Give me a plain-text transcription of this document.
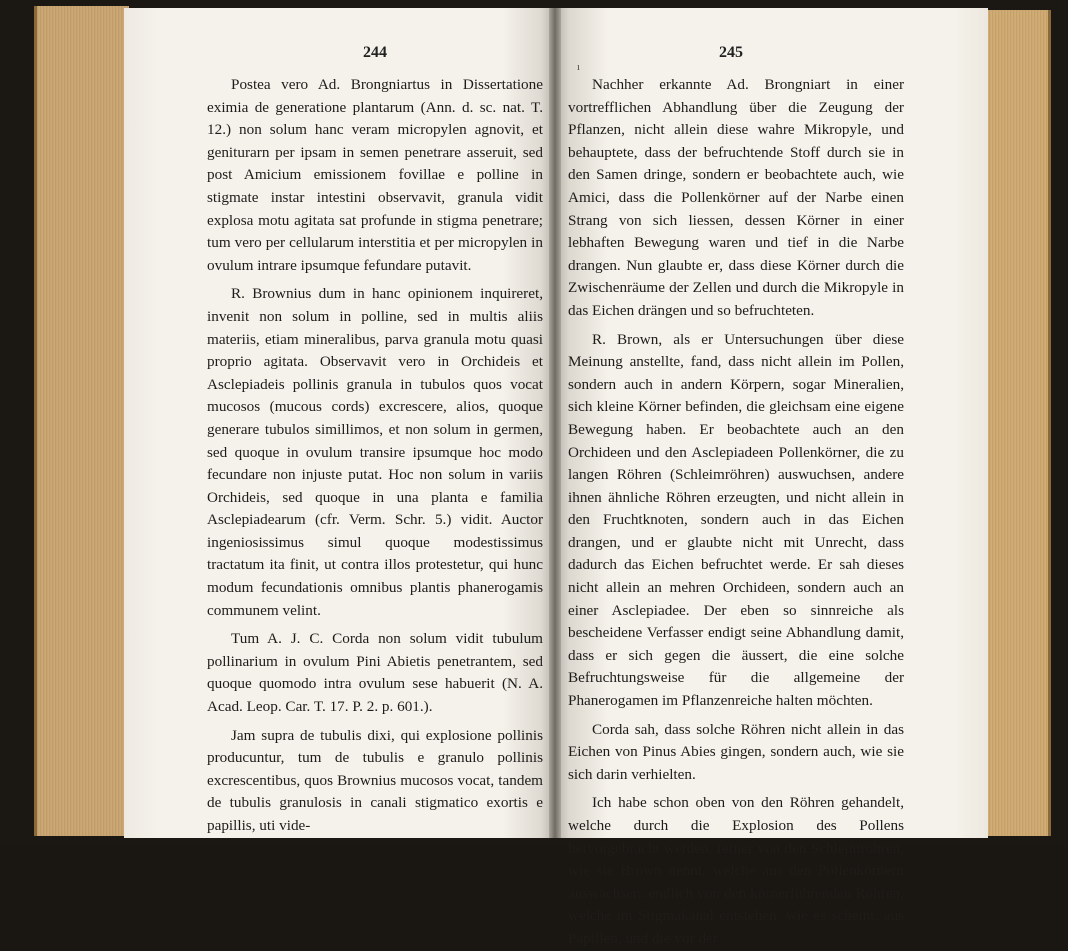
244	245
ı

Postea vero Ad. Brongniartus in Dissertatione eximia de generatione plantarum (Ann. d. sc. nat. T. 12.) non solum hanc veram micropylen agnovit, et geniturarn per ipsam in semen penetrare asseruit, sed post Amicium emissionem fovillae e polline in stigmate instar intestini observavit, granula vidit explosa motu agitata sat profunde in stigma penetrare; tum vero per cellularum interstitia et per micropylen in ovulum intrare ipsumque fefundare putavit.

R. Brownius dum in hanc opinionem inquireret, invenit non solum in polline, sed in multis aliis materiis, etiam mineralibus, parva granula motu quasi proprio agitata. Observavit vero in Orchideis et Asclepiadeis pollinis granula in tubulos quos vocat mucosos (mucous cords) excrescere, alios, quoque generare tubulos simillimos, et non solum in germen, sed quoque in ovulum transire ipsumque hoc modo fecundare non injuste putat. Hoc non solum in variis Orchideis, sed quoque in una planta e familia Asclepiadearum (cfr. Verm. Schr. 5.) vidit. Auctor ingeniosissimus simul quoque modestissimus tractatum ita finit, ut contra illos protestetur, qui hunc modum fecundationis omnibus plantis phanerogamis communem velint.

Tum A. J. C. Corda non solum vidit tubulum pollinarium in ovulum Pini Abietis penetrantem, sed quoque quomodo intra ovulum sese habuerit (N. A. Acad. Leop. Car. T. 17. P. 2. p. 601.).

Jam supra de tubulis dixi, qui explosione pollinis producuntur, tum de tubulis e granulo pollinis excrescentibus, quos Brownius mucosos vocat, tandem de tubulis granulosis in canali stigmatico exortis e papillis, uti vide-

Nachher erkannte Ad. Brongniart in einer vortrefflichen Abhandlung über die Zeugung der Pflanzen, nicht allein diese wahre Mikropyle, und behauptete, dass der befruchtende Stoff durch sie in den Samen dringe, sondern er beobachtete auch, wie Amici, dass die Pollenkörner auf der Narbe einen Strang von sich liessen, dessen Körner in einer lebhaften Bewegung waren und tief in die Narbe drangen. Nun glaubte er, dass diese Körner durch die Zwischenräume der Zellen und durch die Mikropyle in das Eichen drängen und so befruchteten.

R. Brown, als er Untersuchungen über diese Meinung anstellte, fand, dass nicht allein im Pollen, sondern auch in andern Körpern, sogar Mineralien, sich kleine Körner befinden, die gleichsam eine eigene Bewegung haben. Er beobachtete auch an den Orchideen und den Asclepiadeen Pollenkörner, die zu langen Röhren (Schleimröhren) auswuchsen, andere ihnen ähnliche Röhren erzeugten, und nicht allein in den Fruchtknoten, sondern auch in das Eichen drangen, und er glaubte nicht mit Unrecht, dass dadurch das Eichen befruchtet werde. Er sah dieses nicht allein an mehren Orchideen, sondern auch an einer Asclepiadee. Der eben so sinnreiche als bescheidene Verfasser endigt seine Abhandlung damit, dass er sich gegen die äussert, die eine solche Befruchtungsweise für die allgemeine der Phanerogamen im Pflanzenreiche halten möchten.

Corda sah, dass solche Röhren nicht allein in das Eichen von Pinus Abies gingen, sondern auch, wie sie sich darin verhielten.

Ich habe schon oben von den Röhren gehandelt, welche durch die Explosion des Pollens hervorgebracht werden, ferner von den Schleimröhren, wie sie Brown nennt, welche aus den Pollenkörnern auswachsen, endlich von den körnerführenden Röhren, welche im Stigmakanal entstehen, wie es scheint, aus Papillen, und die vor der
